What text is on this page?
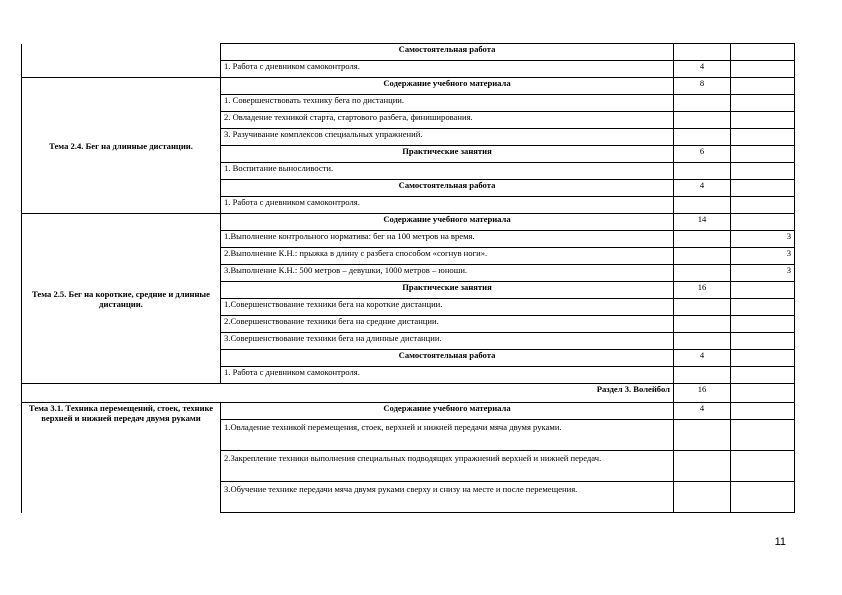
	Самостоятельная работа		
	1. Работа с дневником самоконтроля.	4	
Тема 2.4. Бег на длинные дистанции.	Содержание учебного материала	8	
	1. Совершенствовать технику бега по дистанции.		
	2. Овладение техникой старта, стартового разбега, финиширования.		
	3. Разучивание комплексов специальных упражнений.		
	Практические занятия	6	
	1. Воспитание выносливости.		
	Самостоятельная работа	4	
	1. Работа с дневником самоконтроля.		
Тема 2.5. Бег на короткие, средние и длинные дистанции.	Содержание учебного материала	14	
	1.Выполнение контрольного норматива: бег на 100 метров на время.		3
	2.Выполнение К.Н.: прыжка в длину с разбега способом «согнув ноги».		3
	3.Выполнение К.Н.: 500 метров – девушки, 1000 метров – юноши.		3
	Практические занятия	16	
	1.Совершенствование техники бега на короткие дистанции.		
	2.Совершенствование техники бега на средние дистанции.		
	3.Совершенствование техники бега на длинные дистанции.		
	Самостоятельная работа	4	
	1. Работа с дневником самоконтроля.		
Раздел 3. Волейбол		16	
Тема 3.1. Техника перемещений, стоек, технике верхней и нижней передач двумя руками	Содержание учебного материала	4	
	1.Овладение техникой перемещения, стоек, верхней и нижней передачи мяча двумя руками.		
	2.Закрепление техники выполнения специальных подводящих упражнений верхней и нижней передач.		
	3.Обучение технике передачи мяча двумя руками сверху и снизу на месте и после перемещения.		
11
